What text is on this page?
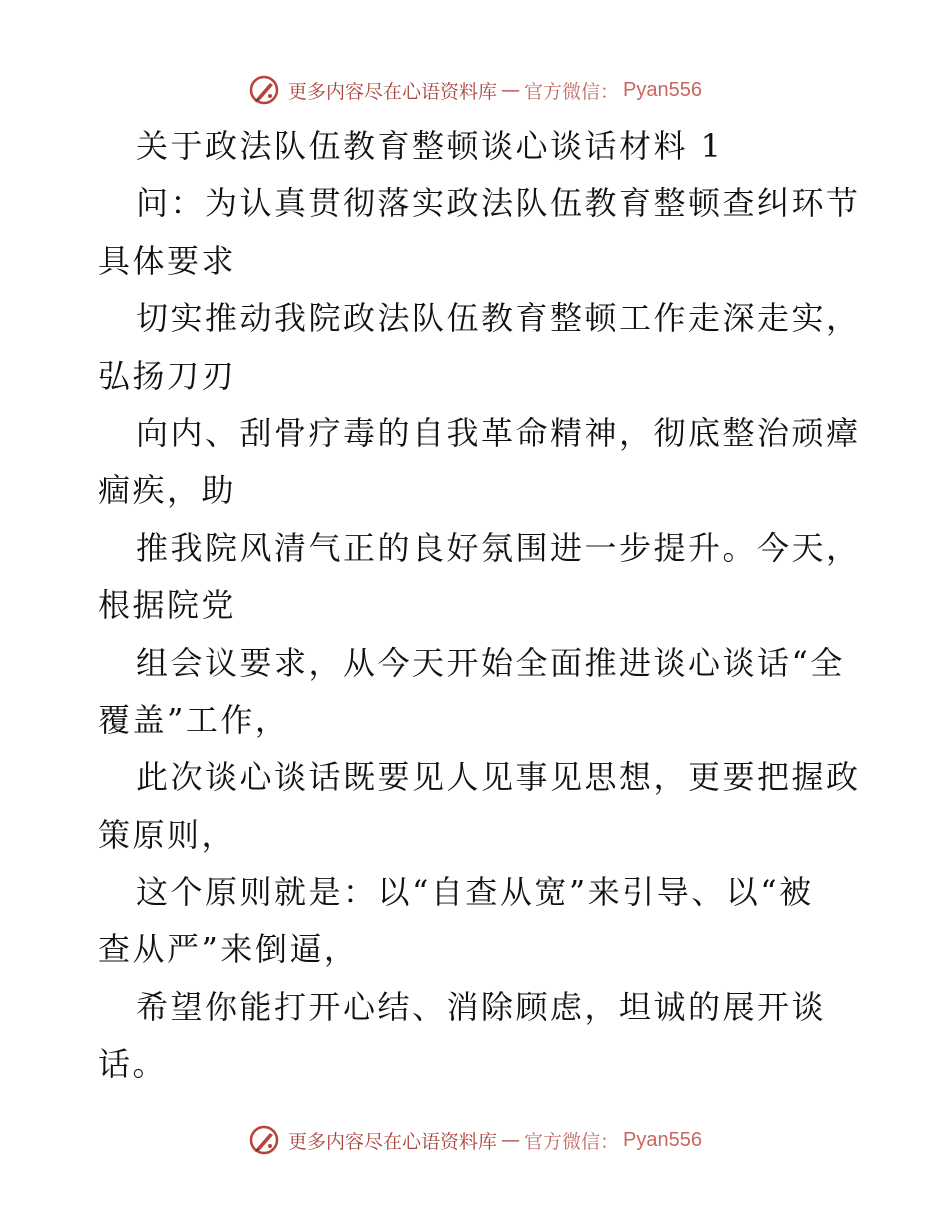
更多内容尽在心语资料库 — 官方微信： Pyan556
关于政法队伍教育整顿谈心谈话材料 1
问：为认真贯彻落实政法队伍教育整顿查纠环节
具体要求
切实推动我院政法队伍教育整顿工作走深走实，
弘扬刀刃
向内、刮骨疗毒的自我革命精神，彻底整治顽瘴
痼疾，助
推我院风清气正的良好氛围进一步提升。今天，
根据院党
组会议要求，从今天开始全面推进谈心谈话“全
覆盖”工作，
此次谈心谈话既要见人见事见思想，更要把握政
策原则，
这个原则就是：以“自查从宽”来引导、以“被
查从严”来倒逼，
希望你能打开心结、消除顾虑，坦诚的展开谈
话。
更多内容尽在心语资料库 — 官方微信： Pyan556
